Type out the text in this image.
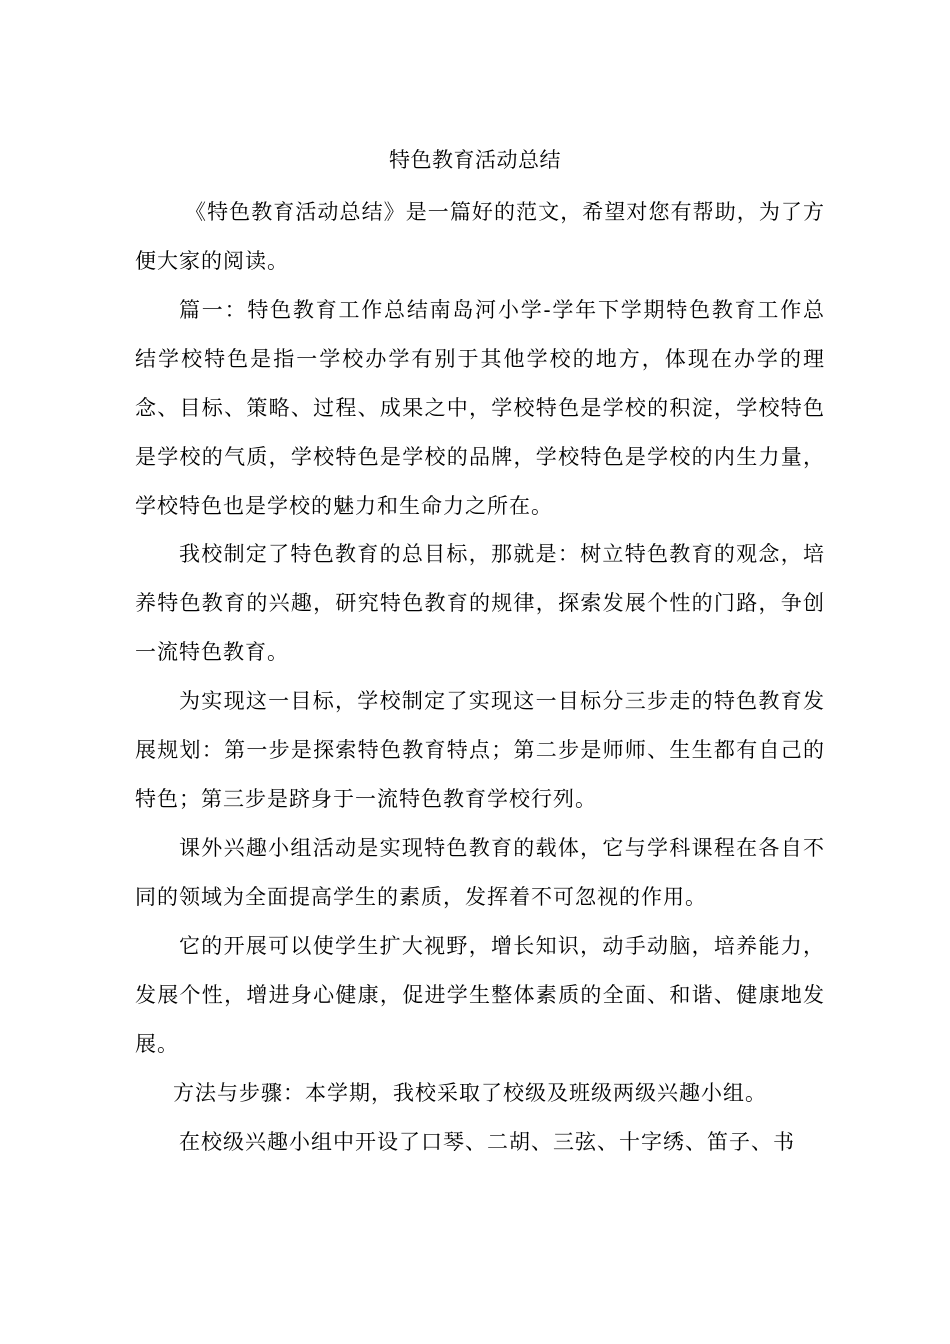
特色教育活动总结

《特色教育活动总结》是一篇好的范文，希望对您有帮助，为了方便大家的阅读。

篇一：特色教育工作总结南岛河小学-学年下学期特色教育工作总结学校特色是指一学校办学有别于其他学校的地方，体现在办学的理念、目标、策略、过程、成果之中，学校特色是学校的积淀，学校特色是学校的气质，学校特色是学校的品牌，学校特色是学校的内生力量，学校特色也是学校的魅力和生命力之所在。

我校制定了特色教育的总目标，那就是：树立特色教育的观念，培养特色教育的兴趣，研究特色教育的规律，探索发展个性的门路，争创一流特色教育。

为实现这一目标，学校制定了实现这一目标分三步走的特色教育发展规划：第一步是探索特色教育特点；第二步是师师、生生都有自己的特色；第三步是跻身于一流特色教育学校行列。

课外兴趣小组活动是实现特色教育的载体，它与学科课程在各自不同的领域为全面提高学生的素质，发挥着不可忽视的作用。

它的开展可以使学生扩大视野，增长知识，动手动脑，培养能力，发展个性，增进身心健康，促进学生整体素质的全面、和谐、健康地发展。

方法与步骤：本学期，我校采取了校级及班级两级兴趣小组。

在校级兴趣小组中开设了口琴、二胡、三弦、十字绣、笛子、书
